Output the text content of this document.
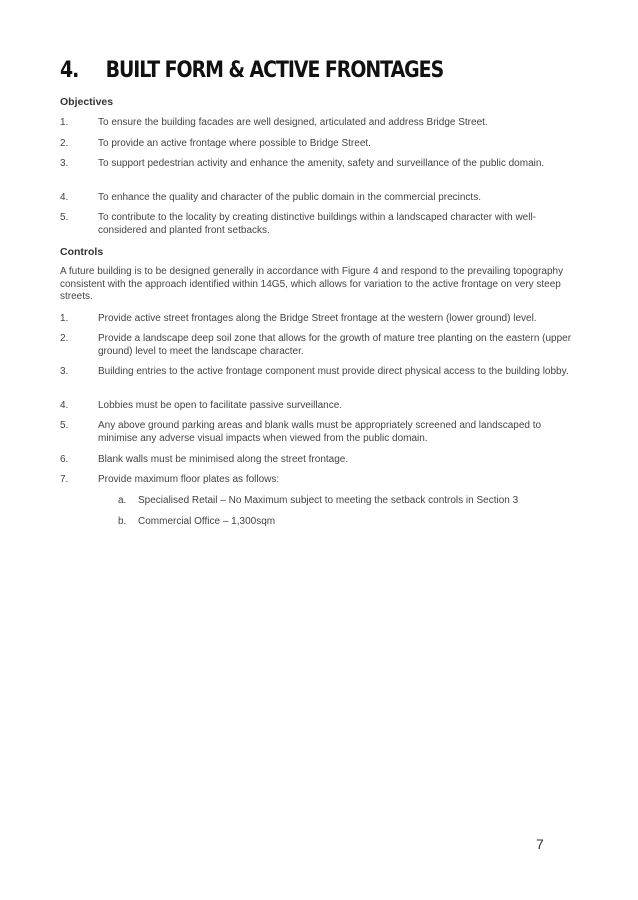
4. BUILT FORM & ACTIVE FRONTAGES
Objectives
1.	To ensure the building facades are well designed, articulated and address Bridge Street.
2.	To provide an active frontage where possible to Bridge Street.
3.	To support pedestrian activity and enhance the amenity, safety and surveillance of the public domain.
4.	To enhance the quality and character of the public domain in the commercial precincts.
5.	To contribute to the locality by creating distinctive buildings within a landscaped character with well-considered and planted front setbacks.
Controls
A future building is to be designed generally in accordance with Figure 4 and respond to the prevailing topography consistent with the approach identified within 14G5, which allows for variation to the active frontage on very steep streets.
1.	Provide active street frontages along the Bridge Street frontage at the western (lower ground) level.
2.	Provide a landscape deep soil zone that allows for the growth of mature tree planting on the eastern (upper ground) level to meet the landscape character.
3.	Building entries to the active frontage component must provide direct physical access to the building lobby.
4.	Lobbies must be open to facilitate passive surveillance.
5.	Any above ground parking areas and blank walls must be appropriately screened and landscaped to minimise any adverse visual impacts when viewed from the public domain.
6.	Blank walls must be minimised along the street frontage.
7.	Provide maximum floor plates as follows:
a. Specialised Retail – No Maximum subject to meeting the setback controls in Section 3
b. Commercial Office – 1,300sqm
7
